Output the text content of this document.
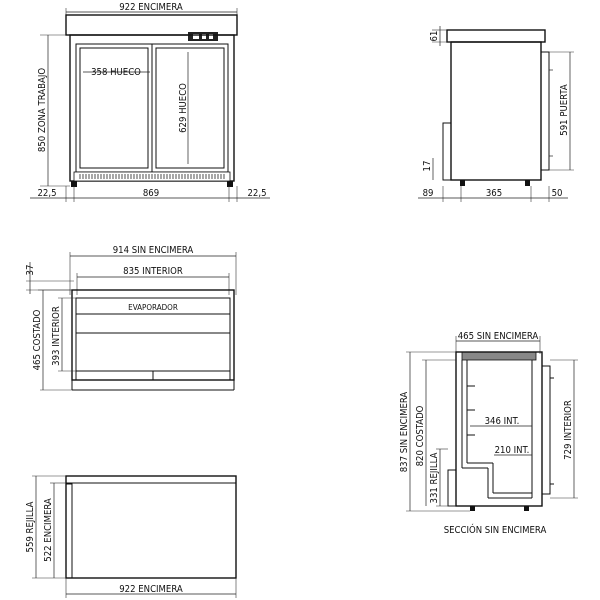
922 ENCIMERA
358 HUECO
629 HUECO
850 ZONA TRABAJO
22,5	869	22,5
61
591 PUERTA
17
89	365	50
914 SIN ENCIMERA
835 INTERIOR
37
EVAPORADOR
465 COSTADO 393 INTERIOR
559 REJILLA 522 ENCIMERA
922 ENCIMERA
465 SIN ENCIMERA
346 INT.
210 INT.
837 SIN ENCIMERA 820 COSTADO
331 REJILLA
729 INTERIOR
SECCIÓN SIN ENCIMERA
